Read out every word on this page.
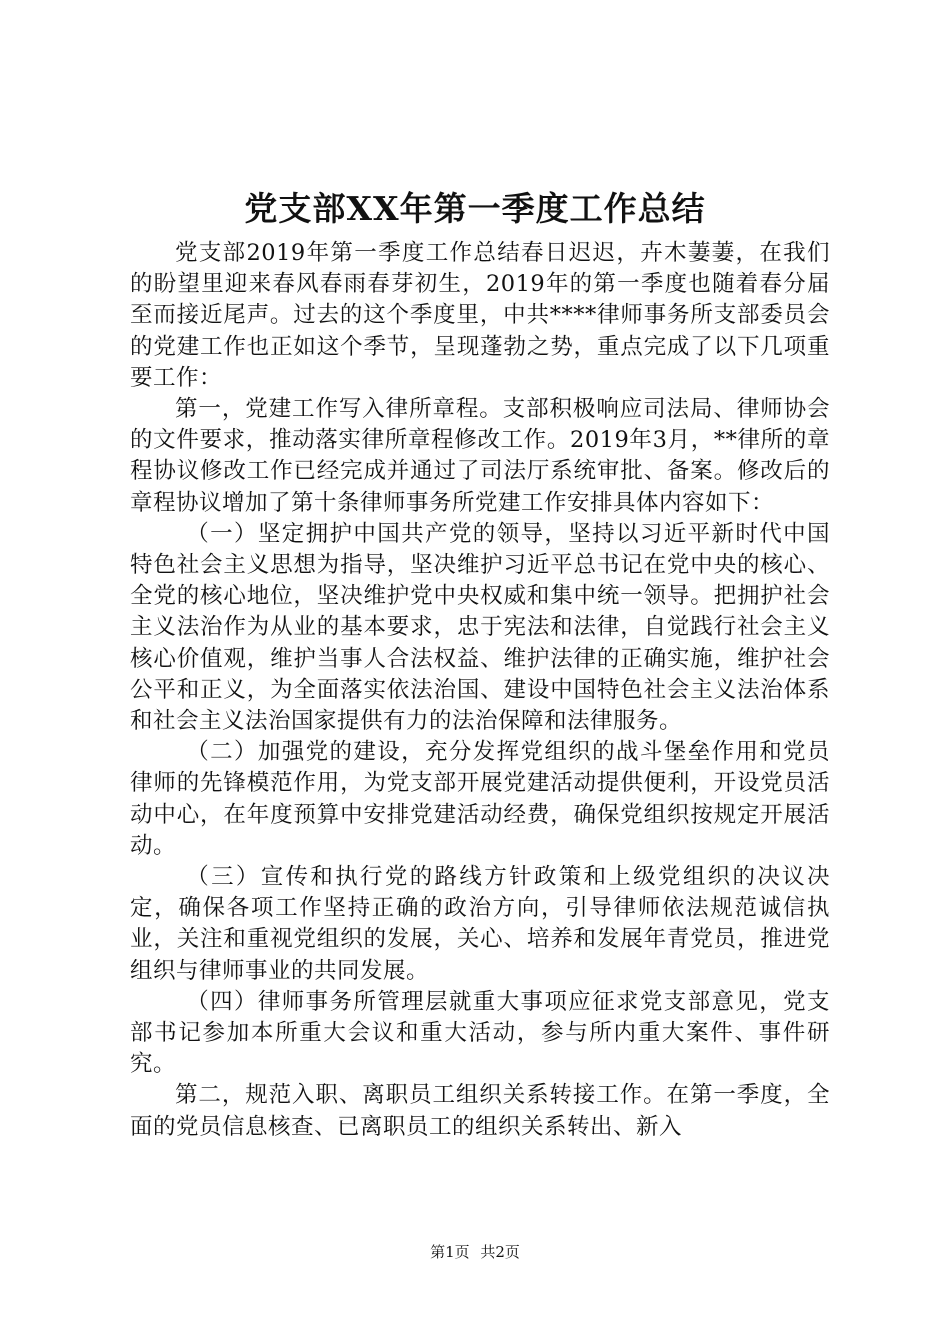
党支部XX年第一季度工作总结

党支部2019年第一季度工作总结春日迟迟，卉木萋萋，在我们的盼望里迎来春风春雨春芽初生，2019年的第一季度也随着春分届至而接近尾声。过去的这个季度里，中共****律师事务所支部委员会的党建工作也正如这个季节，呈现蓬勃之势，重点完成了以下几项重要工作：

第一，党建工作写入律所章程。支部积极响应司法局、律师协会的文件要求，推动落实律所章程修改工作。2019年3月，**律所的章程协议修改工作已经完成并通过了司法厅系统审批、备案。修改后的章程协议增加了第十条律师事务所党建工作安排具体内容如下：

（一）坚定拥护中国共产党的领导，坚持以习近平新时代中国特色社会主义思想为指导，坚决维护习近平总书记在党中央的核心、全党的核心地位，坚决维护党中央权威和集中统一领导。把拥护社会主义法治作为从业的基本要求，忠于宪法和法律，自觉践行社会主义核心价值观，维护当事人合法权益、维护法律的正确实施，维护社会公平和正义，为全面落实依法治国、建设中国特色社会主义法治体系和社会主义法治国家提供有力的法治保障和法律服务。

（二）加强党的建设，充分发挥党组织的战斗堡垒作用和党员律师的先锋模范作用，为党支部开展党建活动提供便利，开设党员活动中心，在年度预算中安排党建活动经费，确保党组织按规定开展活动。

（三）宣传和执行党的路线方针政策和上级党组织的决议决定，确保各项工作坚持正确的政治方向，引导律师依法规范诚信执业，关注和重视党组织的发展，关心、培养和发展年青党员，推进党组织与律师事业的共同发展。

（四）律师事务所管理层就重大事项应征求党支部意见，党支部书记参加本所重大会议和重大活动，参与所内重大案件、事件研究。

第二，规范入职、离职员工组织关系转接工作。在第一季度，全面的党员信息核查、已离职员工的组织关系转出、新入

第1页 共2页
